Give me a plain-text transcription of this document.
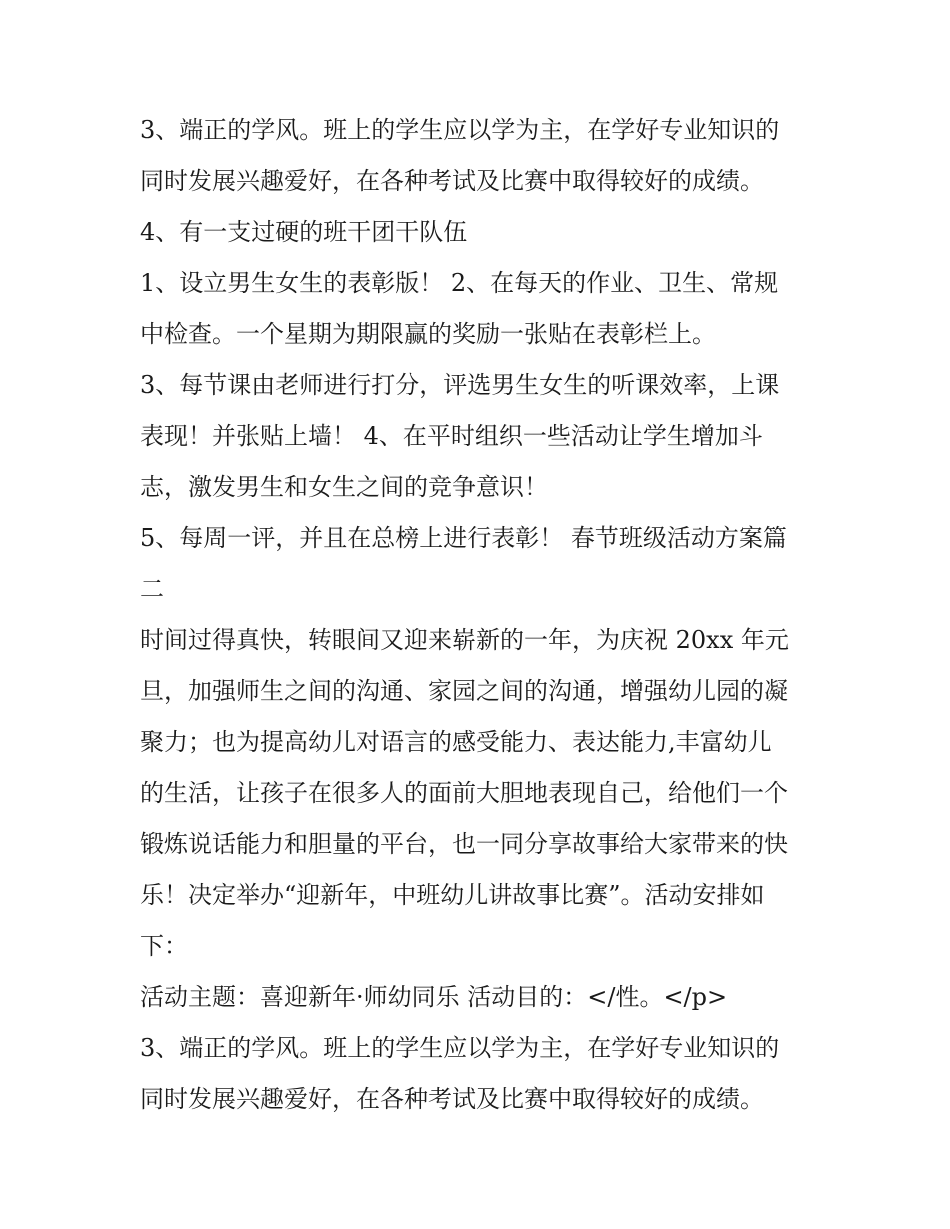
3、端正的学风。班上的学生应以学为主，在学好专业知识的
同时发展兴趣爱好，在各种考试及比赛中取得较好的成绩。
4、有一支过硬的班干团干队伍
1、设立男生女生的表彰版！ 2、在每天的作业、卫生、常规
中检查。一个星期为期限赢的奖励一张贴在表彰栏上。
3、每节课由老师进行打分，评选男生女生的听课效率，上课
表现！并张贴上墙！ 4、在平时组织一些活动让学生增加斗
志，激发男生和女生之间的竞争意识！
5、每周一评，并且在总榜上进行表彰！ 春节班级活动方案篇
二
时间过得真快，转眼间又迎来崭新的一年，为庆祝 20xx 年元
旦，加强师生之间的沟通、家园之间的沟通，增强幼儿园的凝
聚力；也为提高幼儿对语言的感受能力、表达能力,丰富幼儿
的生活，让孩子在很多人的面前大胆地表现自己，给他们一个
锻炼说话能力和胆量的平台，也一同分享故事给大家带来的快
乐！决定举办“迎新年，中班幼儿讲故事比赛”。活动安排如
下：
活动主题：喜迎新年·师幼同乐 活动目的：</性。</p>
3、端正的学风。班上的学生应以学为主，在学好专业知识的
同时发展兴趣爱好，在各种考试及比赛中取得较好的成绩。
